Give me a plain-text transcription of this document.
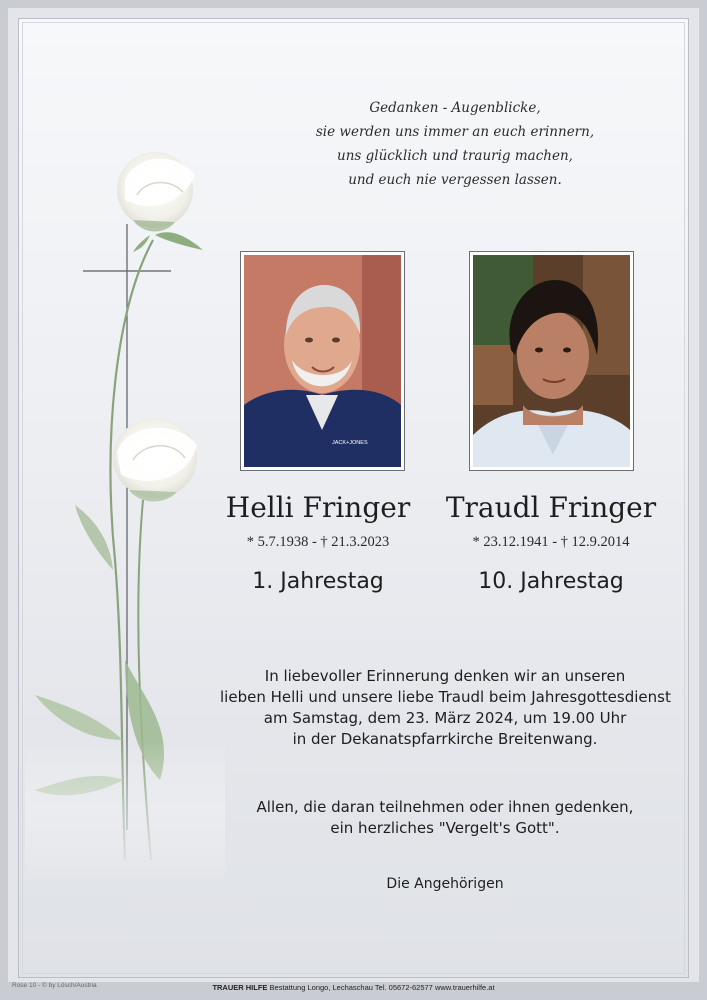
Gedanken - Augenblicke,
sie werden uns immer an euch erinnern,
uns glücklich und traurig machen,
und euch nie vergessen lassen.
JACK+JONES
Helli Fringer Traudl Fringer
* 5.7.1938 - † 21.3.2023	* 23.12.1941 - † 12.9.2014
1. Jahrestag	10. Jahrestag
In liebevoller Erinnerung denken wir an unseren
lieben Helli und unsere liebe Traudl beim Jahresgottesdienst
am Samstag, dem 23. März 2024, um 19.00 Uhr
in der Dekanatspfarrkirche Breitenwang.
Allen, die daran teilnehmen oder ihnen gedenken,
ein herzliches "Vergelt's Gott".
Die Angehörigen
Rose 10 - © by Lösch/Austria	TRAUER HILFE Bestattung Longo, Lechaschau Tel. 05672-62577 www.trauerhilfe.at
